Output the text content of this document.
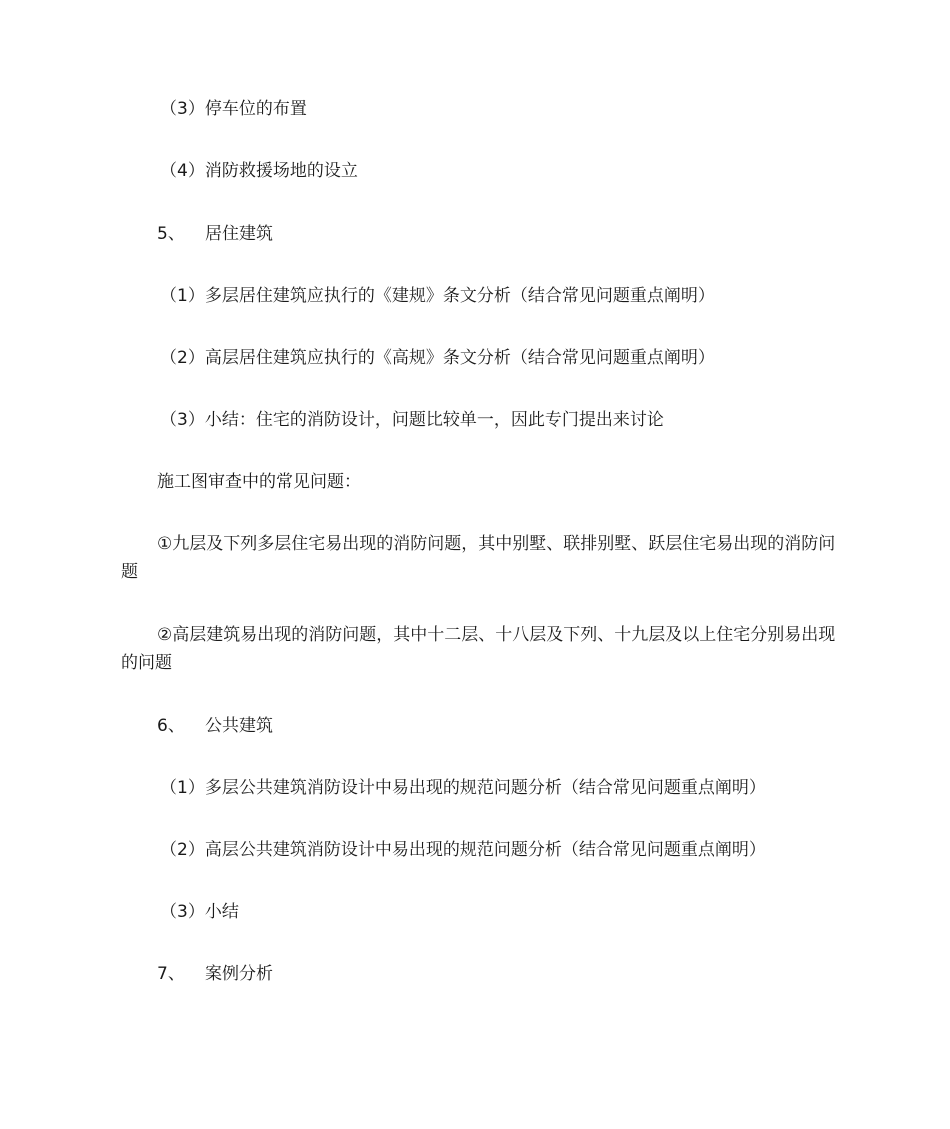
（3）停车位的布置
（4）消防救援场地的设立
5、 居住建筑
（1）多层居住建筑应执行的《建规》条文分析（结合常见问题重点阐明）
（2）高层居住建筑应执行的《高规》条文分析（结合常见问题重点阐明）
（3）小结：住宅的消防设计，问题比较单一，因此专门提出来讨论
施工图审查中的常见问题：
①九层及下列多层住宅易出现的消防问题，其中别墅、联排别墅、跃层住宅易出现的消防问题
②高层建筑易出现的消防问题，其中十二层、十八层及下列、十九层及以上住宅分别易出现的问题
6、 公共建筑
（1）多层公共建筑消防设计中易出现的规范问题分析（结合常见问题重点阐明）
（2）高层公共建筑消防设计中易出现的规范问题分析（结合常见问题重点阐明）
（3）小结
7、 案例分析
